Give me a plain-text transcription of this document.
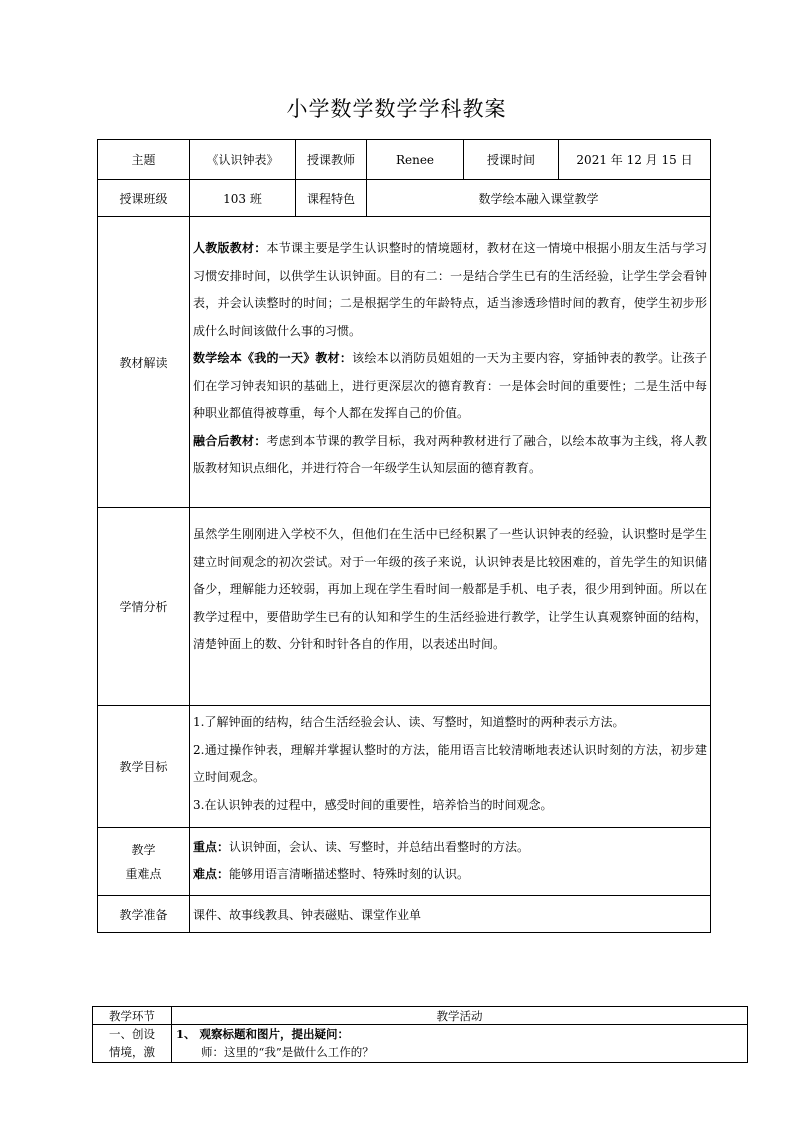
小学数学数学学科教案
主题	《认识钟表》	授课教师	Renee	授课时间	2021 年 12 月 15 日
授课班级	103 班	课程特色	数学绘本融入课堂教学		
教材解读	人教版教材：本节课主要是学生认识整时的情境题材，教材在这一情境中根据小朋友生活与学习习惯安排时间，以供学生认识钟面。目的有二：一是结合学生已有的生活经验，让学生学会看钟表，并会认读整时的时间；二是根据学生的年龄特点，适当渗透珍惜时间的教育，使学生初步形成什么时间该做什么事的习惯。
数学绘本《我的一天》教材：该绘本以消防员姐姐的一天为主要内容，穿插钟表的教学。让孩子们在学习钟表知识的基础上，进行更深层次的德育教育：一是体会时间的重要性；二是生活中每种职业都值得被尊重，每个人都在发挥自己的价值。
融合后教材：考虑到本节课的教学目标，我对两种教材进行了融合，以绘本故事为主线，将人教版教材知识点细化，并进行符合一年级学生认知层面的德育教育。				

学情分析	虽然学生刚刚进入学校不久，但他们在生活中已经积累了一些认识钟表的经验，认识整时是学生建立时间观念的初次尝试。对于一年级的孩子来说，认识钟表是比较困难的，首先学生的知识储备少，理解能力还较弱，再加上现在学生看时间一般都是手机、电子表，很少用到钟面。所以在教学过程中，要借助学生已有的认知和学生的生活经验进行教学，让学生认真观察钟面的结构，清楚钟面上的数、分针和时针各自的作用，以表述出时间。				
教学目标	1.了解钟面的结构，结合生活经验会认、读、写整时，知道整时的两种表示方法。
2.通过操作钟表，理解并掌握认整时的方法，能用语言比较清晰地表述认识时刻的方法，初步建立时间观念。
3.在认识钟表的过程中，感受时间的重要性，培养恰当的时间观念。				

教学
重难点	重点：认识钟面，会认、读、写整时，并总结出看整时的方法。
难点：能够用语言清晰描述整时、特殊时刻的认识。				

教学准备	课件、故事线教具、钟表磁贴、课堂作业单				
教学环节	教学活动

一、创设
情境，激	1、 观察标题和图片，提出疑问：
师：这里的“我”是做什么工作的？
